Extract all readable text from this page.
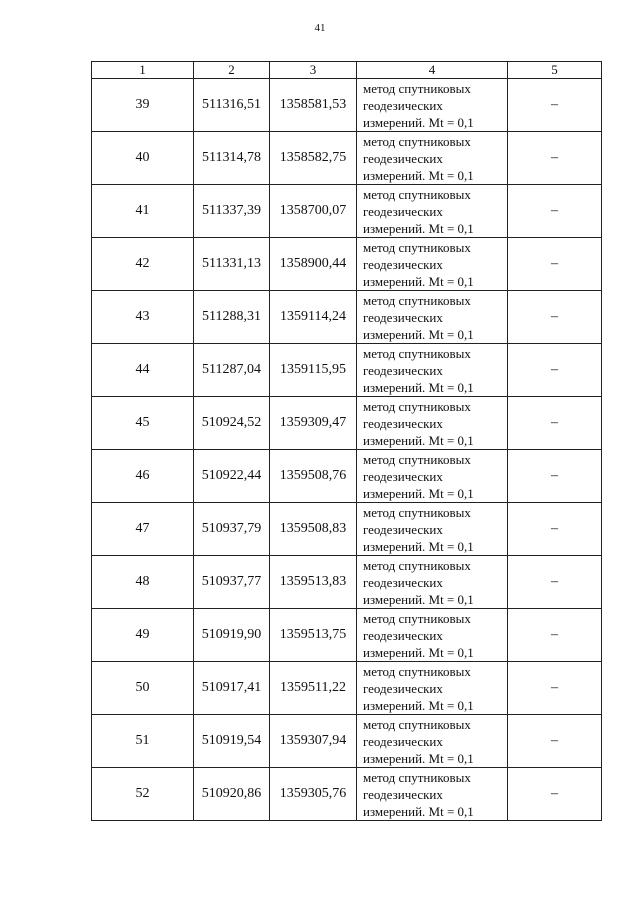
41
1	2	3	4	5
39	511316,51	1358581,53	метод спутниковых
геодезических
измерений. Mt = 0,1	–
40	511314,78	1358582,75	метод спутниковых
геодезических
измерений. Mt = 0,1	–
41	511337,39	1358700,07	метод спутниковых
геодезических
измерений. Mt = 0,1	–
42	511331,13	1358900,44	метод спутниковых
геодезических
измерений. Mt = 0,1	–
43	511288,31	1359114,24	метод спутниковых
геодезических
измерений. Mt = 0,1	–
44	511287,04	1359115,95	метод спутниковых
геодезических
измерений. Mt = 0,1	–
45	510924,52	1359309,47	метод спутниковых
геодезических
измерений. Mt = 0,1	–
46	510922,44	1359508,76	метод спутниковых
геодезических
измерений. Mt = 0,1	–
47	510937,79	1359508,83	метод спутниковых
геодезических
измерений. Mt = 0,1	–
48	510937,77	1359513,83	метод спутниковых
геодезических
измерений. Mt = 0,1	–
49	510919,90	1359513,75	метод спутниковых
геодезических
измерений. Mt = 0,1	–
50	510917,41	1359511,22	метод спутниковых
геодезических
измерений. Mt = 0,1	–
51	510919,54	1359307,94	метод спутниковых
геодезических
измерений. Mt = 0,1	–
52	510920,86	1359305,76	метод спутниковых
геодезических
измерений. Mt = 0,1	–
